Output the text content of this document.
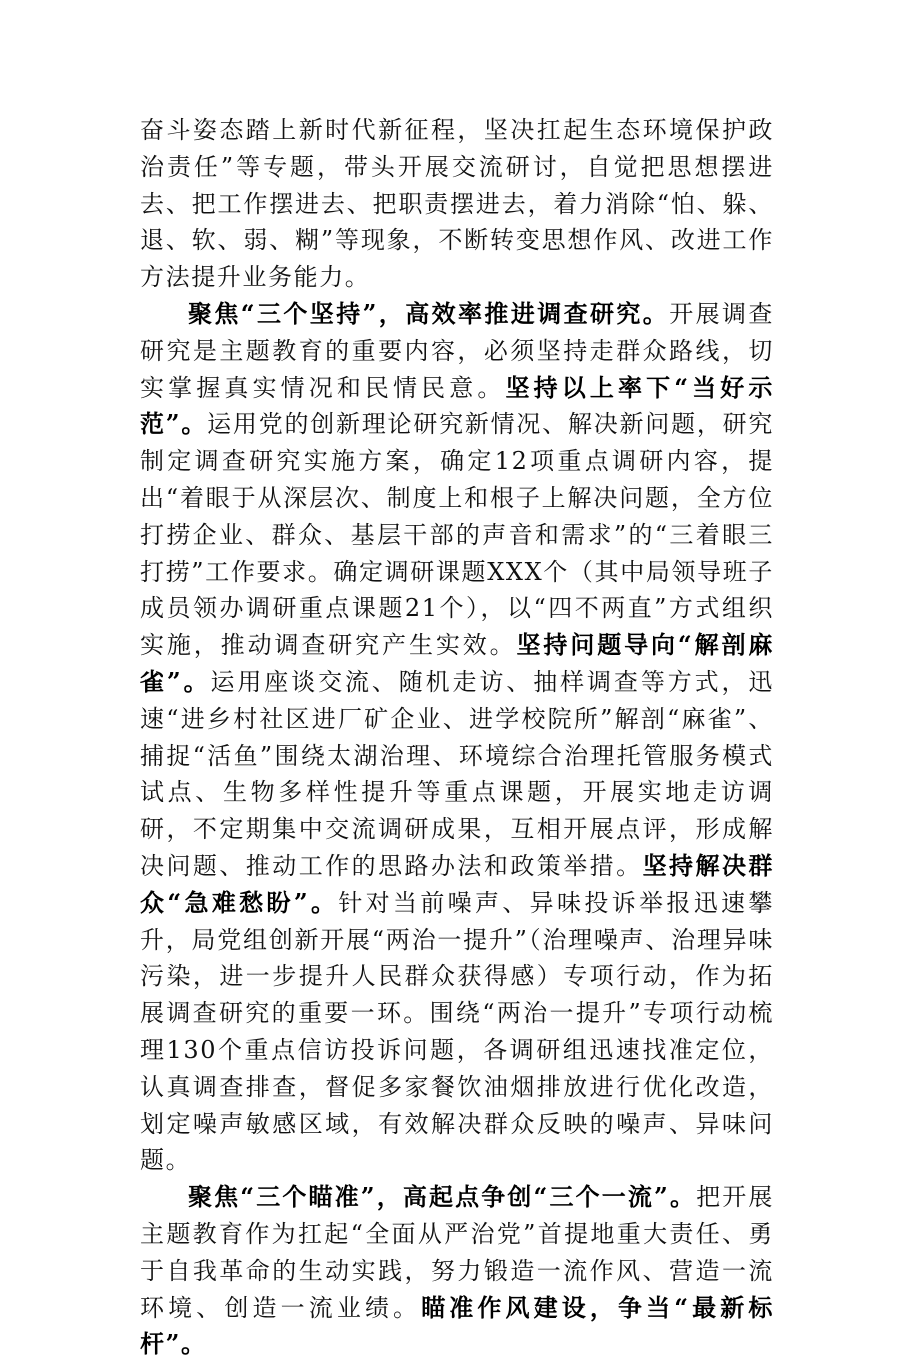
奋斗姿态踏上新时代新征程，坚决扛起生态环境保护政治责任”等专题，带头开展交流研讨，自觉把思想摆进去、把工作摆进去、把职责摆进去，着力消除“怕、躲、退、软、弱、糊”等现象，不断转变思想作风、改进工作方法提升业务能力。

聚焦“三个坚持”，高效率推进调查研究。开展调查研究是主题教育的重要内容，必须坚持走群众路线，切实掌握真实情况和民情民意。坚持以上率下“当好示范”。运用党的创新理论研究新情况、解决新问题，研究制定调查研究实施方案，确定12项重点调研内容，提出“着眼于从深层次、制度上和根子上解决问题，全方位打捞企业、群众、基层干部的声音和需求”的“三着眼三打捞”工作要求。确定调研课题XXX个（其中局领导班子成员领办调研重点课题21个），以“四不两直”方式组织实施，推动调查研究产生实效。坚持问题导向“解剖麻雀”。运用座谈交流、随机走访、抽样调查等方式，迅速“进乡村社区进厂矿企业、进学校院所”解剖“麻雀”、捕捉“活鱼”围绕太湖治理、环境综合治理托管服务模式试点、生物多样性提升等重点课题，开展实地走访调研，不定期集中交流调研成果，互相开展点评，形成解决问题、推动工作的思路办法和政策举措。坚持解决群众“急难愁盼”。针对当前噪声、异味投诉举报迅速攀升，局党组创新开展“两治一提升”（治理噪声、治理异味污染，进一步提升人民群众获得感）专项行动，作为拓展调查研究的重要一环。围绕“两治一提升”专项行动梳理130个重点信访投诉问题，各调研组迅速找准定位，认真调查排查，督促多家餐饮油烟排放进行优化改造，划定噪声敏感区域，有效解决群众反映的噪声、异味问题。

聚焦“三个瞄准”，高起点争创“三个一流”。把开展主题教育作为扛起“全面从严治党”首提地重大责任、勇于自我革命的生动实践，努力锻造一流作风、营造一流环境、创造一流业绩。瞄准作风建设，争当“最新标杆”。
